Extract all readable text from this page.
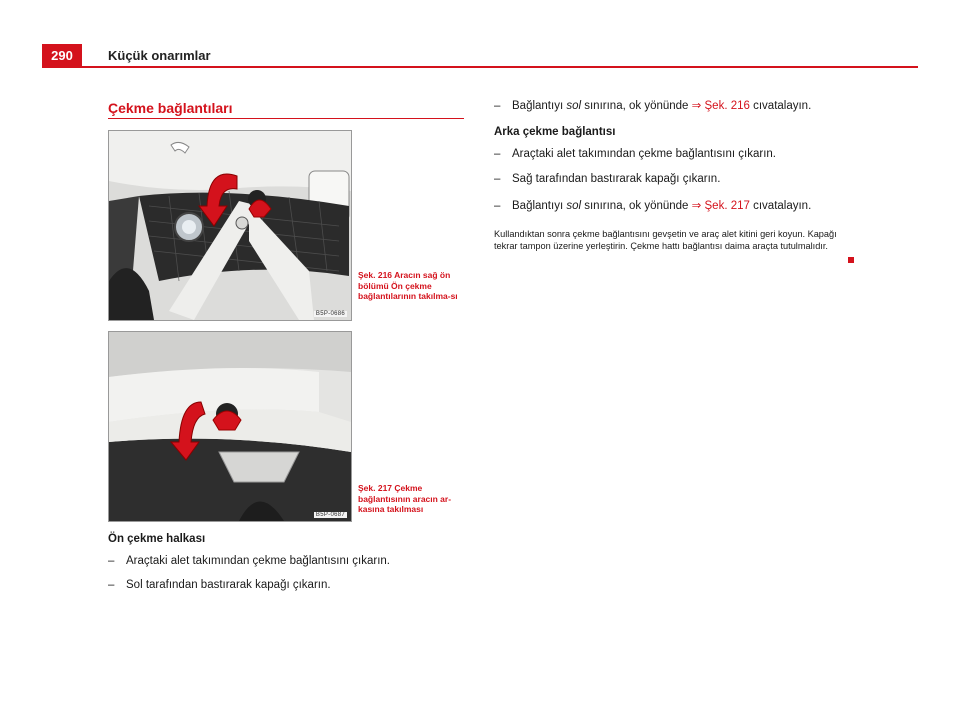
290	Küçük onarımlar
Çekme bağlantıları
B5P-0686
Şek. 216 Aracın sağ ön bölümü Ön çekme bağlantılarının takılma-sı
B5P-0687
Şek. 217 Çekme bağlantısının aracın ar-kasına takılması
Ön çekme halkası
– Araçtaki alet takımından çekme bağlantısını çıkarın.
– Sol tarafından bastırarak kapağı çıkarın.
– Bağlantıyı sol sınırına, ok yönünde ⇒ Şek. 216 cıvatalayın.
Arka çekme bağlantısı
– Araçtaki alet takımından çekme bağlantısını çıkarın.
– Sağ tarafından bastırarak kapağı çıkarın.
– Bağlantıyı sol sınırına, ok yönünde ⇒ Şek. 217 cıvatalayın.
Kullandıktan sonra çekme bağlantısını gevşetin ve araç alet kitini geri koyun. Kapağı tekrar tampon üzerine yerleştirin. Çekme hattı bağlantısı daima araçta tutulmalıdır.
